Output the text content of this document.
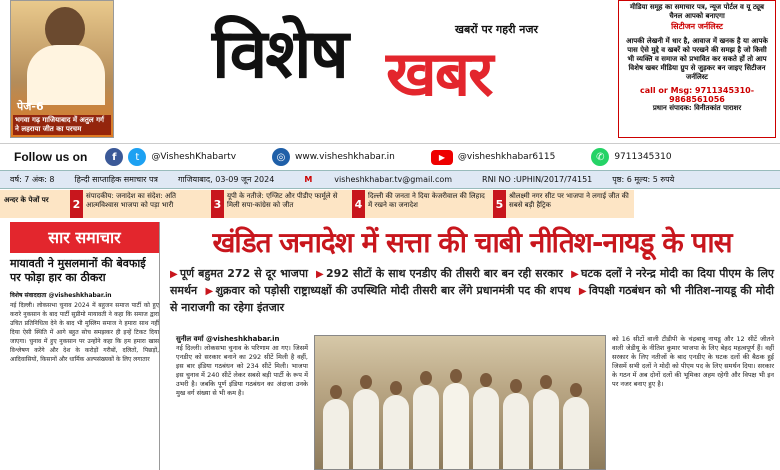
पेज-6
भगवा गढ़ गाजियाबाद में अतुल गर्ग ने लहराया जीत का परचम
विशेष	खबरों पर गहरी नजर
खबर
मीडिया समूह का समाचार पत्र, न्यूज पोर्टल व यू ट्यूब चैनल आपको बनाएगा
सिटीजन जर्नलिस्ट
आपकी लेखनी में धार है, आवाज में खनक है या आपके पास ऐसे मुद्दे व खबरें को परखने की समझ है जो किसी भी व्यक्ति व समाज को प्रभावित कर सकते हों तो आप विशेष खबर मीडिया ग्रुप से जुड़कर बन जाइए सिटीजन जर्नलिस्ट
call or Msg: 9711345310- 9868561056
प्रधान संपादक: विनीतकांत पाराशर
Follow us on	f	t	@VisheshKhabartv	◎	www.visheshkhabar.in	▶	@visheshkhabar6115	✆	9711345310
वर्ष: 7 अंक: 8	हिन्दी साप्ताहिक समाचार पत्र	गाजियाबाद, 03-09 जून 2024	M	visheshkhabar.tv@gmail.com	RNI NO :UPHIN/2017/74151	पृष्ठ: 6 मूल्य: 5 रुपये
अन्दर के पेजों पर	2
संपादकीय: जनादेश का संदेश: अति आत्मविश्वास भाजपा को पड़ा भारी	3
यूपी के नतीजे: एग्जिट और पीडीए फार्मूले से मिली सपा-कांग्रेस को जीत	4
दिल्ली की जनता ने दिया केजरीवाल की लिहाद में रखने का जनादेश	5
श्रीलक्ष्मी नगर सीट पर भाजपा ने लगाई जीत की सबसे बड़ी हैट्रिक
सार समाचार
मायावती ने मुसलमानों की बेवफाई पर फोड़ा हार का ठीकरा
विशेष संवाददाता @visheshkhabar.in
नई दिल्ली। लोकसभा चुनाव 2024 में बहुजन समाज पार्टी को हुए करारे नुकसान के बाद पार्टी सुप्रीमो मायावती ने कहा कि समाज द्वारा उचित प्रतिनिधित्व देने के बाद भी मुस्लिम समाज ने हमारा साथ नहीं दिया ऐसी स्थिति में आगे बहुत सोच समझकर ही इन्हें टिकट दिया जाएगा। चुनाव में हुए नुकसान पर उन्होंने कहा कि हम हमारा खास विश्लेषण करेंगे और देश के करोड़ों गरीबों, दलितों, पिछड़ों, आदिवासियों, किसानों और धार्मिक अल्पसंख्यकों के लिए लगातार
खंडित जनादेश में सत्ता की चाबी नीतिश-नायडू के पास
▶ पूर्ण बहुमत 272 से दूर भाजपा ▶ 292 सीटों के साथ एनडीए की तीसरी बार बन रही सरकार ▶ घटक दलों ने नरेन्द्र मोदी का दिया पीएम के लिए समर्थन ▶ शुक्रवार को पड़ोसी राष्ट्राध्यक्षों की उपस्थिति मोदी तीसरी बार लेंगे प्रधानमंत्री पद की शपथ ▶ विपक्षी गठबंधन को भी नीतिश-नायडू की मोदी से नाराजगी का रहेगा इंतजार
सुनील वर्मा @visheshkhabar.in
नई दिल्ली। लोकसभा चुनाव के परिणाम आ गए। जिसमें एनडीए को सरकार बनाने का 292 सीटें मिली है वहीं, इस बार इंडिया गठबंधन को 234 सीटें मिली। भाजपा इस चुनाव में 240 सीटें लेकर सबसे बड़ी पार्टी के रूप में उभरी है। जबकि पूर्ण इंडिया गठबंधन का अंदाजा उनके मुख वर्ग संख्या से भी कम है।
को 16 सीटों वाली टीडीपी के चंद्रबाबू नायडू और 12 सीटें जीतने वाली जेडीयू के नीतिश कुमार भाजपा के लिए बेहद महत्वपूर्ण हैं। वहीं सरकार के लिए नतीजों के बाद एनडीए के घटक दलों की बैठक हुई जिसमें सभी दलों ने मोदी को पीएम पद के लिए समर्थन दिया। सरकार के गठन में अब दोनों दलों की भूमिका अहम रहेगी और विपक्ष भी इन पर नजर बनाए हुए है।
